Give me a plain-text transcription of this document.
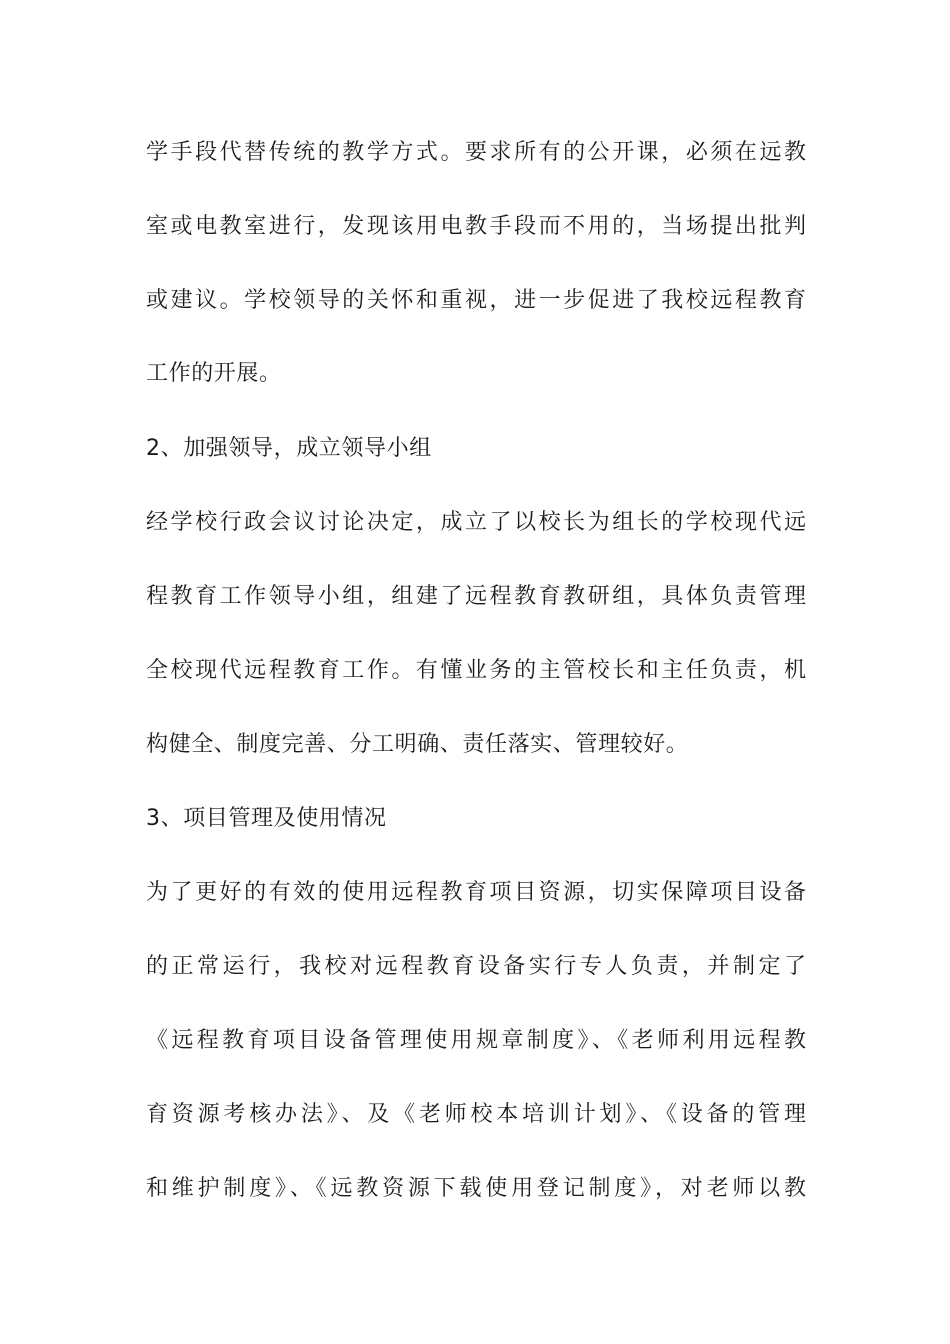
学手段代替传统的教学方式。要求所有的公开课，必须在远教
室或电教室进行，发现该用电教手段而不用的，当场提出批判
或建议。学校领导的关怀和重视，进一步促进了我校远程教育
工作的开展。
2、加强领导，成立领导小组
经学校行政会议讨论决定，成立了以校长为组长的学校现代远
程教育工作领导小组，组建了远程教育教研组，具体负责管理
全校现代远程教育工作。有懂业务的主管校长和主任负责，机
构健全、制度完善、分工明确、责任落实、管理较好。
3、项目管理及使用情况
为了更好的有效的使用远程教育项目资源，切实保障项目设备
的正常运行，我校对远程教育设备实行专人负责，并制定了
《远程教育项目设备管理使用规章制度》、《老师利用远程教
育资源考核办法》、及《老师校本培训计划》、《设备的管理
和维护制度》、《远教资源下载使用登记制度》，对老师以教
